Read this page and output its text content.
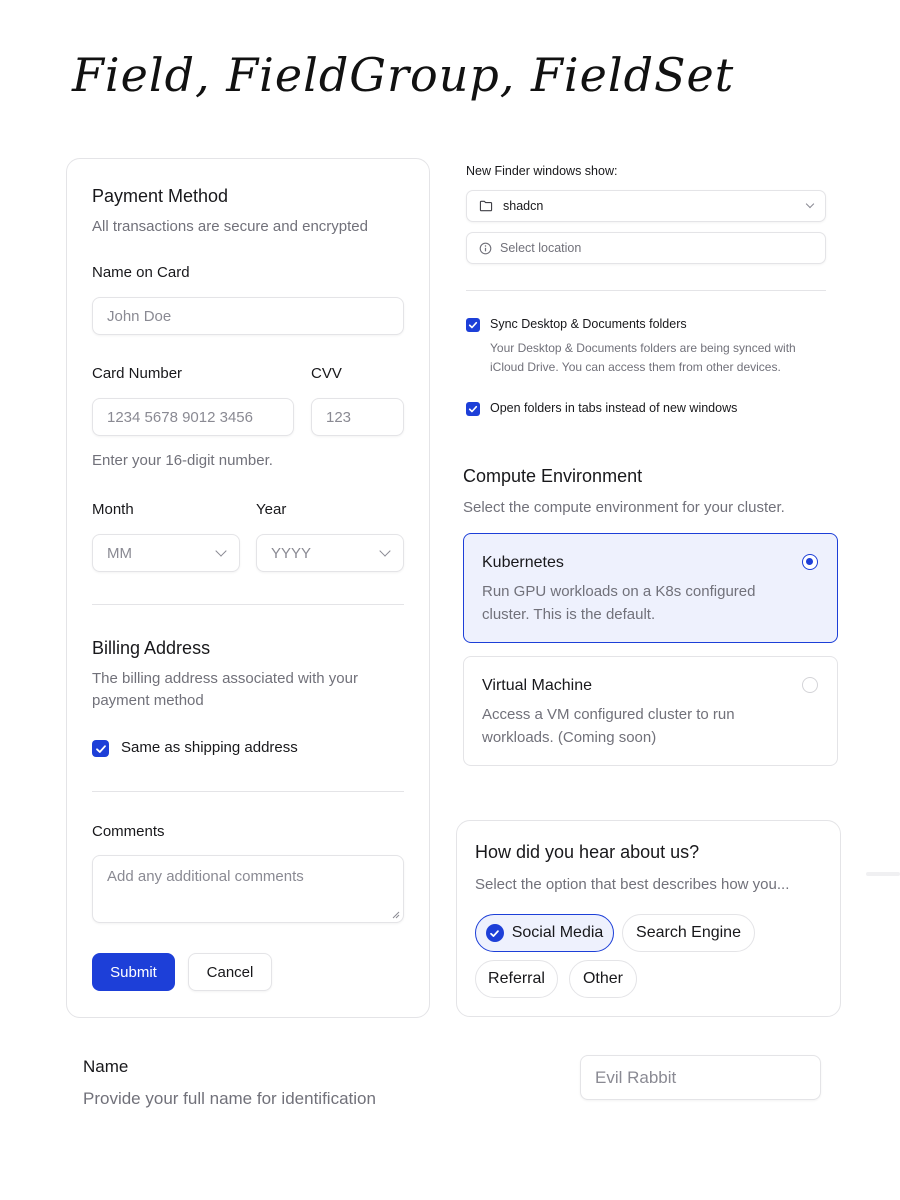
Field, FieldGroup, FieldSet
Payment Method
All transactions are secure and encrypted
Name on Card
John Doe
Card Number
1234 5678 9012 3456
CVV
123
Enter your 16-digit number.
Month
MM
Year
YYYY
Billing Address
The billing address associated with your
payment method
Same as shipping address
Comments
Add any additional comments
Submit	Cancel
New Finder windows show:
shadcn
Select location
Sync Desktop & Documents folders
Your Desktop & Documents folders are being synced with
iCloud Drive. You can access them from other devices.
Open folders in tabs instead of new windows
Compute Environment
Select the compute environment for your cluster.
Kubernetes
Run GPU workloads on a K8s configured cluster. This is the default.
Virtual Machine
Access a VM configured cluster to run workloads. (Coming soon)
How did you hear about us?
Select the option that best describes how you...
Social Media Search Engine
Referral Other
Name
Provide your full name for identification
Evil Rabbit
